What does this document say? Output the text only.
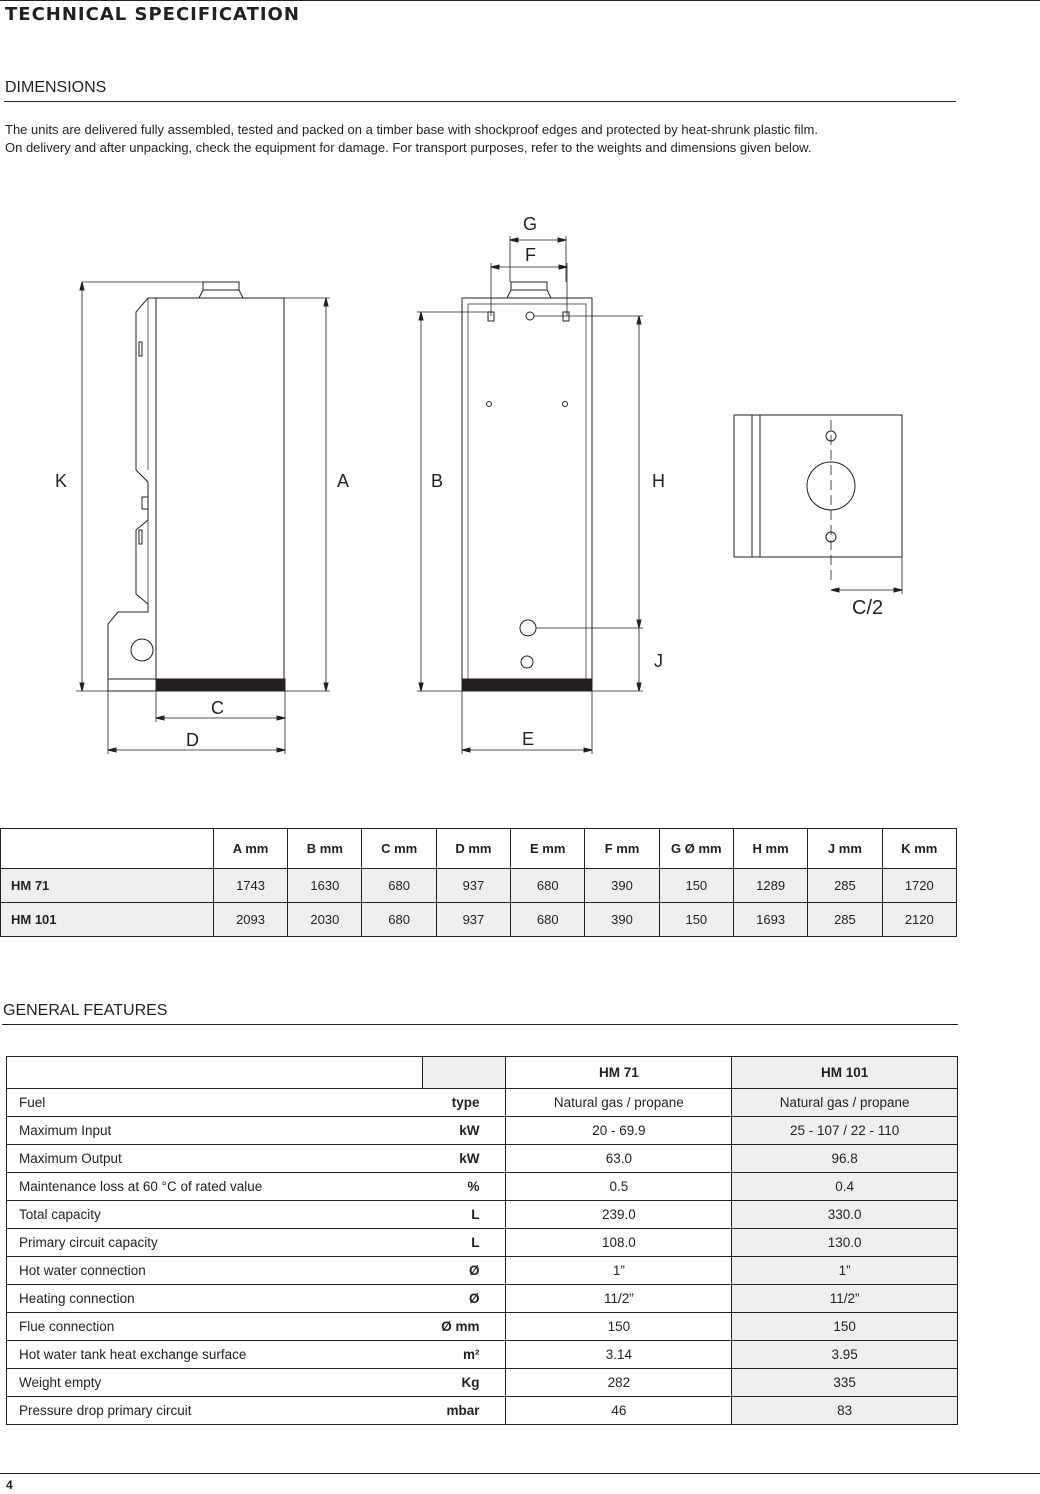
TECHNICAL SPECIFICATION
DIMENSIONS

The units are delivered fully assembled, tested and packed on a timber base with shockproof edges and protected by heat-shrunk plastic film.

On delivery and after unpacking, check the equipment for damage. For transport purposes, refer to the weights and dimensions given below.

K	A
C
D
B	H
J
E
F
G
C/2
	A mm	B mm	C mm	D mm	E mm	F mm	G Ø mm	H mm	J mm	K mm
HM 71	1743	1630	680	937	680	390	150	1289	285	1720
HM 101	2093	2030	680	937	680	390	150	1693	285	2120
GENERAL FEATURES
		HM 71	HM 101
Fuel	type	Natural gas / propane	Natural gas / propane
Maximum Input	kW	20 - 69.9	25 - 107 / 22 - 110
Maximum Output	kW	63.0	96.8
Maintenance loss at 60 °C of rated value	%	0.5	0.4
Total capacity	L	239.0	330.0
Primary circuit capacity	L	108.0	130.0
Hot water connection	Ø	1”	1”
Heating connection	Ø	11/2”	11/2”
Flue connection	Ø mm	150	150
Hot water tank heat exchange surface	m²	3.14	3.95
Weight empty	Kg	282	335
Pressure drop primary circuit	mbar	46	83
4
